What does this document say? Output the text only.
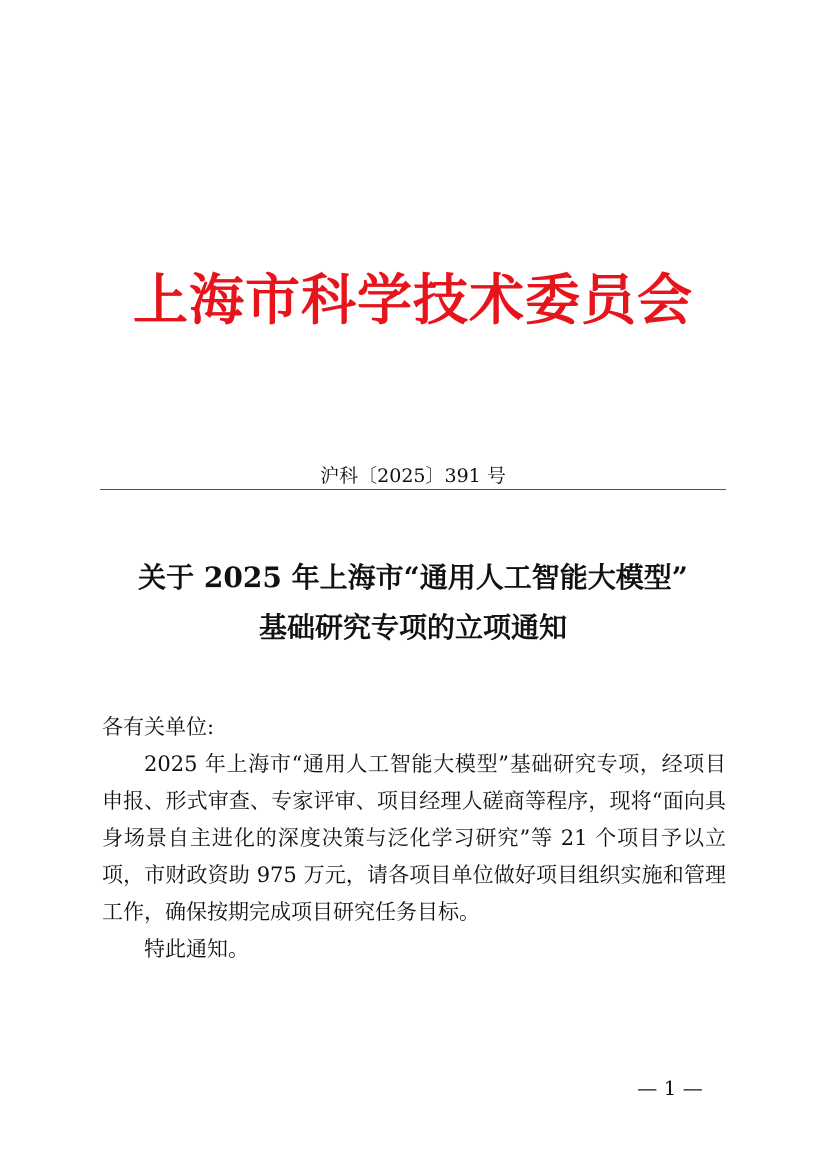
上海市科学技术委员会
沪科〔2025〕391 号
关于 2025 年上海市“通用人工智能大模型”
基础研究专项的立项通知
各有关单位:
2025 年上海市“通用人工智能大模型”基础研究专项，经项目申报、形式审查、专家评审、项目经理人磋商等程序，现将“面向具身场景自主进化的深度决策与泛化学习研究”等 21 个项目予以立项，市财政资助 975 万元，请各项目单位做好项目组织实施和管理工作，确保按期完成项目研究任务目标。
特此通知。
— 1 —
